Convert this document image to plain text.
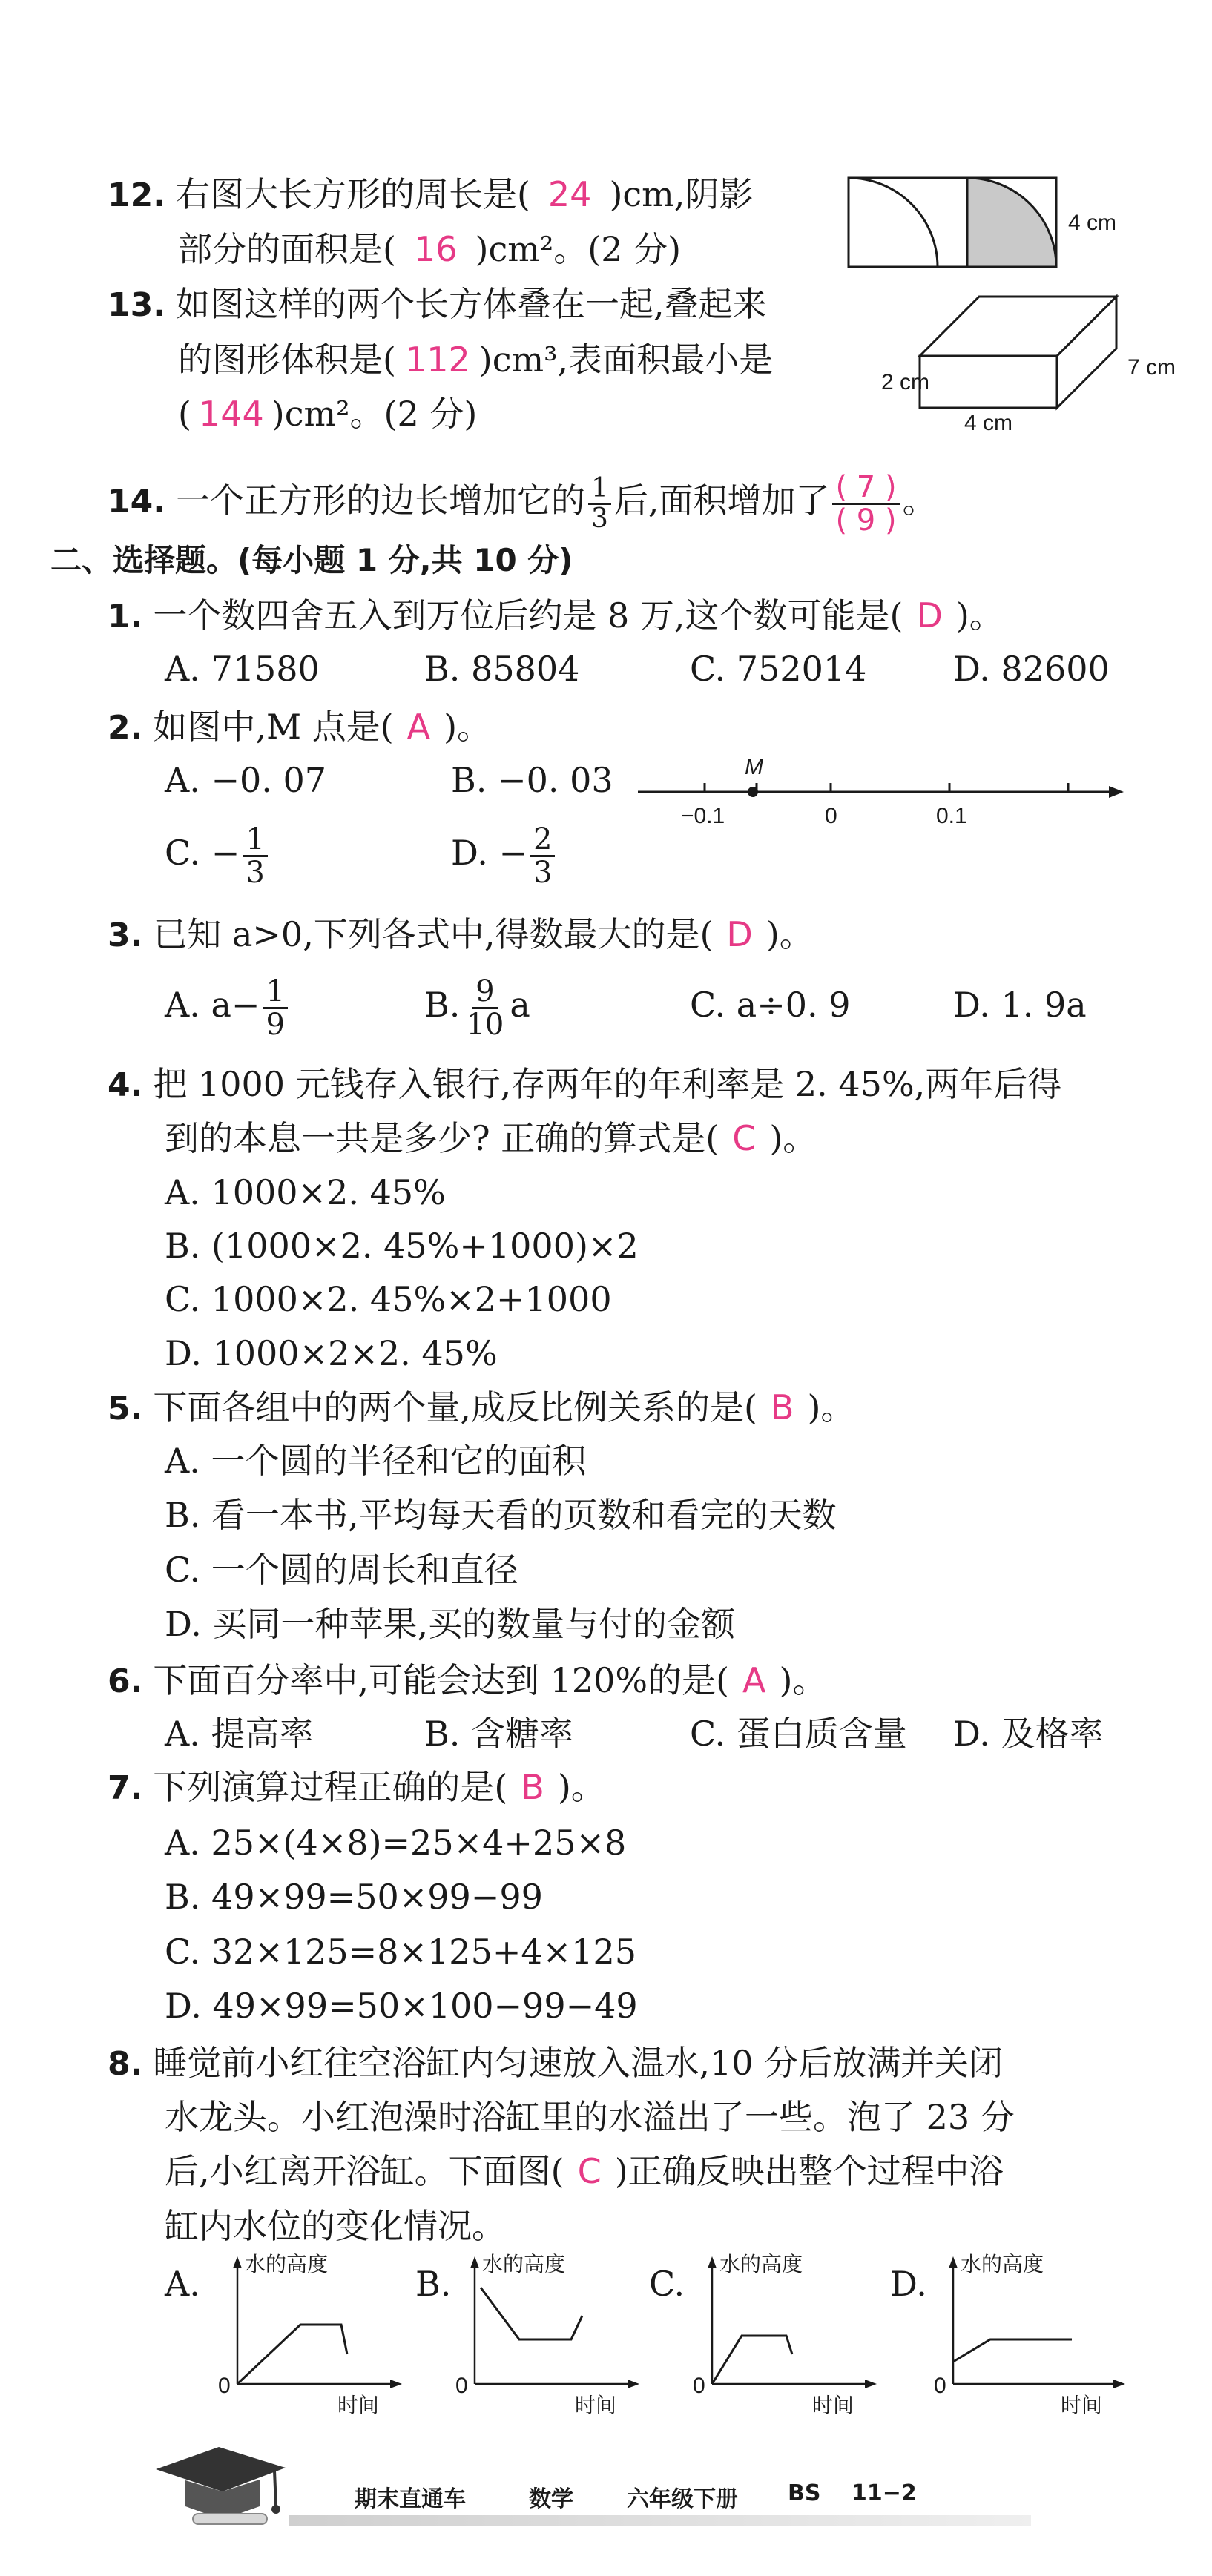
12. 右图大长方形的周长是( 24 )cm,阴影
部分的面积是( 16 )cm²。(2 分)
4 cm
13. 如图这样的两个长方体叠在一起,叠起来
的图形体积是( 112 )cm³,表面积最小是
( 144 )cm²。(2 分)
2 cm
4 cm
7 cm
14. 一个正方形的边长增加它的 $\frac{1}{3}$ 后,面积增加了 $\frac{( 7 )}{( 9 )}$ 。
二、选择题。(每小题 1 分,共 10 分)
1. 一个数四舍五入到万位后约是 8 万,这个数可能是( D )。
A. 71580	B. 85804	C. 752014	D. 82600
2. 如图中,M 点是( A )。
A. −0. 07	B. −0. 03
C. − $\frac{1}{3}$	D. − $\frac{2}{3}$
M
−0.1	0	0.1
3. 已知 a>0,下列各式中,得数最大的是( D )。
A. $a- \frac{1}{9}$	B. $\frac{9}{10}$ a	C. a÷0. 9	D. 1. 9a
4. 把 1000 元钱存入银行,存两年的年利率是 2. 45%,两年后得
到的本息一共是多少? 正确的算式是( C )。
A. 1000×2. 45%
B. (1000×2. 45%+1000)×2
C. 1000×2. 45%×2+1000
D. 1000×2×2. 45%
5. 下面各组中的两个量,成反比例关系的是( B )。
A. 一个圆的半径和它的面积
B. 看一本书,平均每天看的页数和看完的天数
C. 一个圆的周长和直径
D. 买同一种苹果,买的数量与付的金额
6. 下面百分率中,可能会达到 120%的是( A )。
A. 提高率	B. 含糖率	C. 蛋白质含量 D. 及格率
7. 下列演算过程正确的是( B )。
A. 25×(4×8)=25×4+25×8
B. 49×99=50×99−99
C. 32×125=8×125+4×125
D. 49×99=50×100−99−49
8. 睡觉前小红往空浴缸内匀速放入温水,10 分后放满并关闭
水龙头。小红泡澡时浴缸里的水溢出了一些。泡了 23 分
后,小红离开浴缸。下面图( C )正确反映出整个过程中浴
缸内水位的变化情况。
A. 水的高度
0
时间
B. 水的高度
0
时间
C. 水的高度
0
时间
D. 水的高度
0
时间
期末直通车	数学 六年级下册 BS 11−2
